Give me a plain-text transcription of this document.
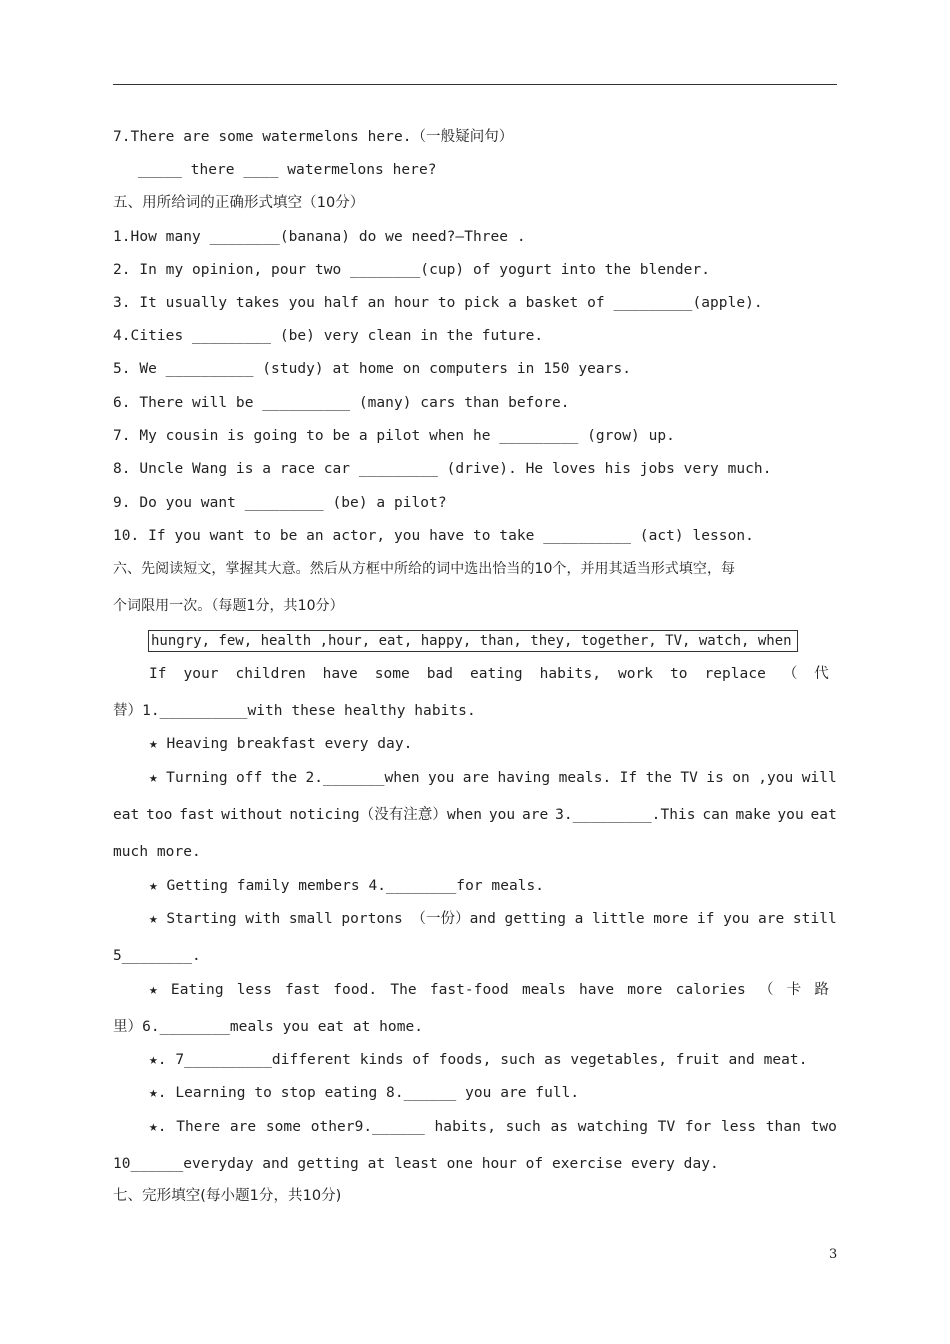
7.There are some watermelons here.（一般疑问句）
_____ there ____ watermelons here?
五、用所给词的正确形式填空（10分）
1.How many ________(banana) do we need?—Three .
2. In my opinion, pour two ________(cup) of yogurt into the blender.
3. It usually takes you half an hour to pick a basket of _________(apple).
4.Cities _________ (be) very clean in the future.
5. We __________ (study) at home on computers in 150 years.
6. There will be __________ (many) cars than before.
7. My cousin is going to be a pilot when he _________ (grow) up.
8. Uncle Wang is a race car _________ (drive). He loves his jobs very much.
9. Do you want _________ (be) a pilot?
10. If you want to be an actor, you have to take __________ (act) lesson.
六、先阅读短文，掌握其大意。然后从方框中所给的词中选出恰当的10个，并用其适当形式填空，每
个词限用一次。（每题1分，共10分）
hungry, few, health ,hour, eat, happy, than, they, together, TV, watch, when
If your children have some bad eating habits, work to replace （ 代
替）1.__________with these healthy habits.
★ Heaving breakfast every day.
★ Turning off the 2._______when you are having meals. If the TV is on ,you will
eat too fast without noticing（没有注意）when you are 3._________.This can make you eat
much more.
★ Getting family members 4.________for meals.
★ Starting with small portons （一份）and getting a little more if you are still
5________.
★ Eating less fast food. The fast-food meals have more calories （ 卡 路
里）6.________meals you eat at home.
★. 7__________different kinds of foods, such as vegetables, fruit and meat.
★. Learning to stop eating 8.______ you are full.
★. There are some other9.______ habits, such as watching TV for less than two
10______everyday and getting at least one hour of exercise every day.
七、完形填空(每小题1分，共10分)
3
